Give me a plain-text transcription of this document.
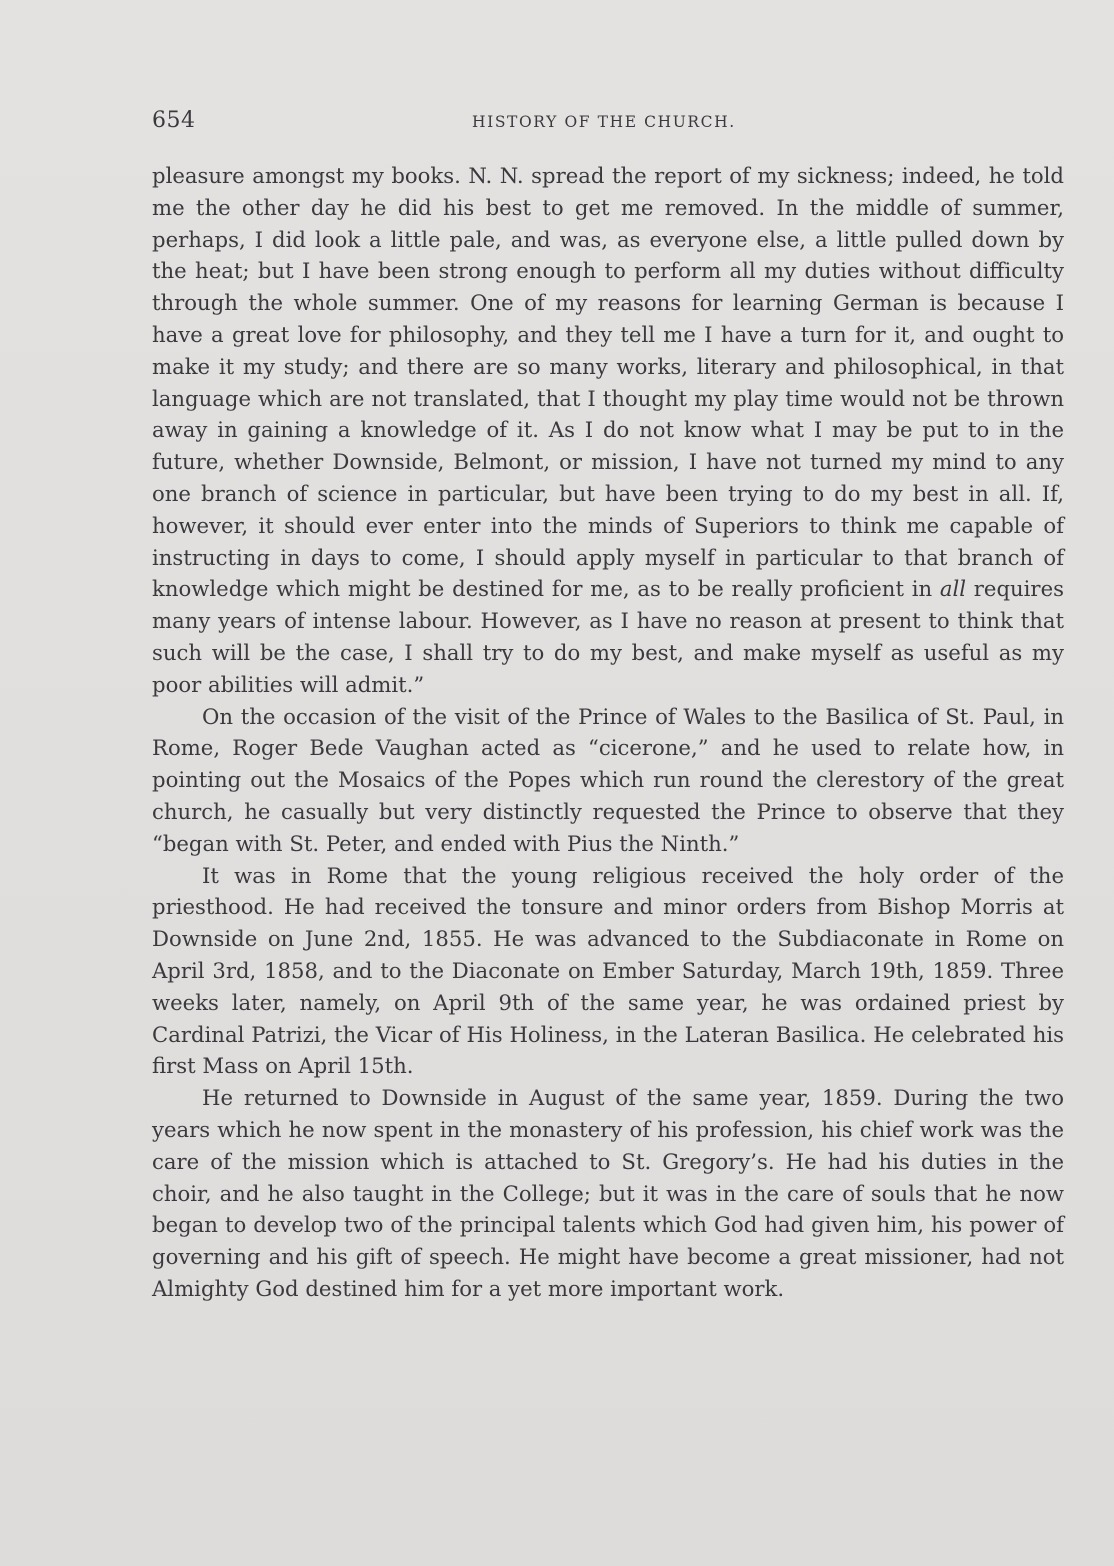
654	HISTORY OF THE CHURCH.

pleasure amongst my books. N. N. spread the report of my sickness; indeed, he told me the other day he did his best to get me removed. In the middle of summer, perhaps, I did look a little pale, and was, as everyone else, a little pulled down by the heat; but I have been strong enough to perform all my duties without difficulty through the whole summer. One of my reasons for learning German is because I have a great love for philosophy, and they tell me I have a turn for it, and ought to make it my study; and there are so many works, literary and philosophical, in that language which are not translated, that I thought my play time would not be thrown away in gaining a knowledge of it. As I do not know what I may be put to in the future, whether Downside, Belmont, or mission, I have not turned my mind to any one branch of science in particular, but have been trying to do my best in all. If, however, it should ever enter into the minds of Superiors to think me capable of instructing in days to come, I should apply myself in particular to that branch of knowledge which might be destined for me, as to be really proficient in all requires many years of intense labour. However, as I have no reason at present to think that such will be the case, I shall try to do my best, and make myself as useful as my poor abilities will admit.”

On the occasion of the visit of the Prince of Wales to the Basilica of St. Paul, in Rome, Roger Bede Vaughan acted as “cicerone,” and he used to relate how, in pointing out the Mosaics of the Popes which run round the clerestory of the great church, he casually but very distinctly requested the Prince to observe that they “began with St. Peter, and ended with Pius the Ninth.”

It was in Rome that the young religious received the holy order of the priesthood. He had received the tonsure and minor orders from Bishop Morris at Downside on June 2nd, 1855. He was advanced to the Subdiaconate in Rome on April 3rd, 1858, and to the Diaconate on Ember Saturday, March 19th, 1859. Three weeks later, namely, on April 9th of the same year, he was ordained priest by Cardinal Patrizi, the Vicar of His Holiness, in the Lateran Basilica. He celebrated his first Mass on April 15th.

He returned to Downside in August of the same year, 1859. During the two years which he now spent in the monastery of his profession, his chief work was the care of the mission which is attached to St. Gregory’s. He had his duties in the choir, and he also taught in the College; but it was in the care of souls that he now began to develop two of the principal talents which God had given him, his power of governing and his gift of speech. He might have become a great missioner, had not Almighty God destined him for a yet more important work.
